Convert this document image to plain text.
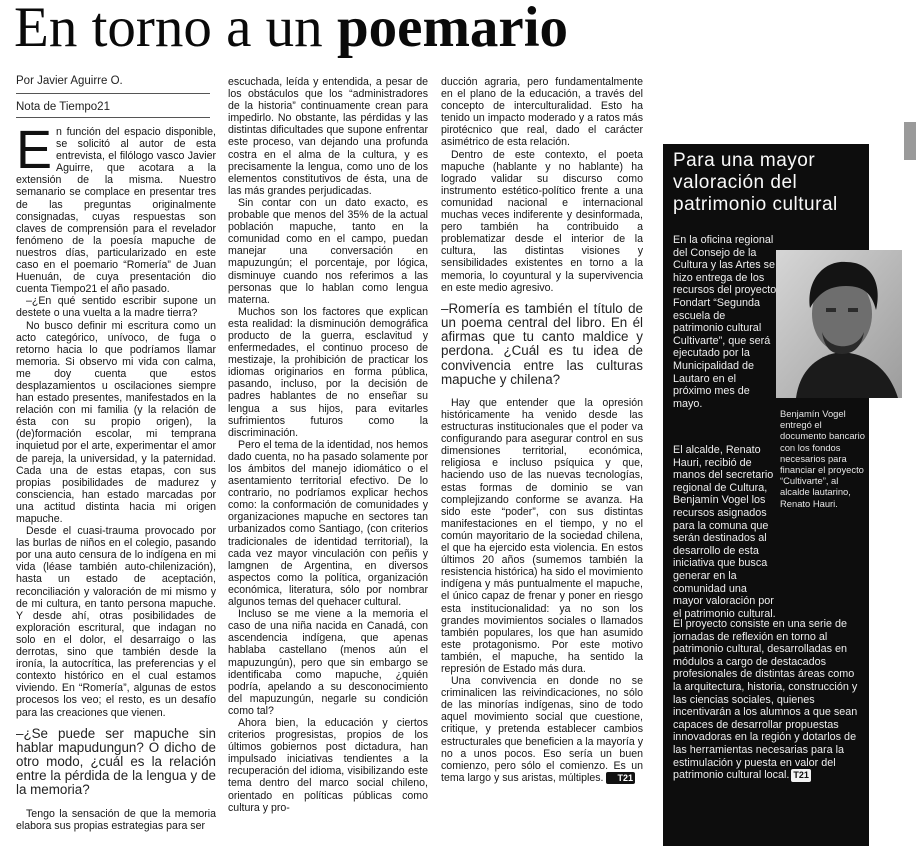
En torno a un poemario
Por Javier Aguirre O.
Nota de Tiempo21

En función del espacio disponible, se solicitó al autor de esta entrevista, el filólogo vasco Javier Aguirre, que acotara a la extensión de la misma. Nuestro semanario se complace en presentar tres de las preguntas originalmente consignadas, cuyas respuestas son claves de comprensión para el revelador fenómeno de la poesía mapuche de nuestros días, particularizado en este caso en el poemario “Romería” de Juan Huenuán, de cuya presentación dio cuenta Tiempo21 el año pasado.

–¿En qué sentido escribir supone un destete o una vuelta a la madre tierra?

No busco definir mi escritura como un acto categórico, unívoco, de fuga o retorno hacia lo que podríamos llamar memoria. Si observo mi vida con calma, me doy cuenta que estos desplazamientos u oscilaciones siempre han estado presentes, manifestados en la relación con mi familia (y la relación de ésta con su propio origen), la (de)formación escolar, mi temprana inquietud por el arte, experimentar el amor de pareja, la universidad, y la paternidad. Cada una de estas etapas, con sus propias posibilidades de madurez y consciencia, han estado marcadas por una actitud distinta hacia mi origen mapuche.

Desde el cuasi-trauma provocado por las burlas de niños en el colegio, pasando por una auto censura de lo indígena en mi vida (léase también auto-chilenización), hasta un estado de aceptación, reconciliación y valoración de mi mismo y de mi cultura, en tanto persona mapuche. Y desde ahí, otras posibilidades de exploración escritural, que indagan no solo en el dolor, el desarraigo o las derrotas, sino que también desde la ironía, la autocrítica, las preferencias y el contexto histórico en el cual estamos viviendo. En “Romería”, algunas de estos procesos los veo; el resto, es un desafío para las creaciones que vienen.

–¿Se puede ser mapuche sin hablar mapudungun? O dicho de otro modo, ¿cuál es la relación entre la pérdida de la lengua y de la memoria?

Tengo la sensación de que la memoria elabora sus propias estrategias para ser

escuchada, leída y entendida, a pesar de los obstáculos que los “administradores de la historia” continuamente crean para impedirlo. No obstante, las pérdidas y las distintas dificultades que supone enfrentar este proceso, van dejando una profunda costra en el alma de la cultura, y es precisamente la lengua, como uno de los elementos constitutivos de ésta, una de las más grandes perjudicadas.

Sin contar con un dato exacto, es probable que menos del 35% de la actual población mapuche, tanto en la comunidad como en el campo, puedan manejar una conversación en mapuzungún; el porcentaje, por lógica, disminuye cuando nos referimos a las personas que lo hablan como lengua materna.

Muchos son los factores que explican esta realidad: la disminución demográfica producto de la guerra, esclavitud y enfermedades, el continuo proceso de mestizaje, la prohibición de practicar los idiomas originarios en forma pública, pasando, incluso, por la decisión de padres hablantes de no enseñar su lengua a sus hijos, para evitarles sufrimientos futuros como la discriminación.

Pero el tema de la identidad, nos hemos dado cuenta, no ha pasado solamente por los ámbitos del manejo idiomático o el asentamiento territorial efectivo. De lo contrario, no podríamos explicar hechos como: la conformación de comunidades y organizaciones mapuche en sectores tan urbanizados como Santiago, (con criterios tradicionales de identidad territorial), la cada vez mayor vinculación con peñis y lamgnen de Argentina, en diversos aspectos como la política, organización económica, literatura, sólo por nombrar algunos temas del quehacer cultural.

Incluso se me viene a la memoria el caso de una niña nacida en Canadá, con ascendencia indígena, que apenas hablaba castellano (menos aún el mapuzungún), pero que sin embargo se identificaba como mapuche, ¿quién podría, apelando a su desconocimiento del mapuzungún, negarle su condición como tal?

Ahora bien, la educación y ciertos criterios progresistas, propios de los últimos gobiernos post dictadura, han impulsado iniciativas tendientes a la recuperación del idioma, visibilizando este tema dentro del marco social chileno, orientado en políticas públicas como cultura y pro-

ducción agraria, pero fundamentalmente en el plano de la educación, a través del concepto de interculturalidad. Esto ha tenido un impacto moderado y a ratos más pirotécnico que real, dado el carácter asimétrico de esta relación.

Dentro de este contexto, el poeta mapuche (hablante y no hablante) ha logrado validar su discurso como instrumento estético-político frente a una comunidad nacional e internacional muchas veces indiferente y desinformada, pero también ha contribuido a problematizar desde el interior de la cultura, las distintas visiones y sensibilidades existentes en torno a la memoria, lo coyuntural y la supervivencia en este medio agresivo.

–Romería es también el título de un poema central del libro. En él afirmas que tu canto maldice y perdona. ¿Cuál es tu idea de convivencia entre las culturas mapuche y chilena?

Hay que entender que la opresión históricamente ha venido desde las estructuras institucionales que el poder va configurando para asegurar control en sus dimensiones territorial, económica, religiosa e incluso psíquica y que, haciendo uso de las nuevas tecnologías, estas formas de dominio se van complejizando conforme se avanza. Ha sido este “poder”, con sus distintas manifestaciones en el tiempo, y no el común mayoritario de la sociedad chilena, el que ha ejercido esta violencia. En estos últimos 20 años (sumemos también la resistencia histórica) ha sido el movimiento indígena y más puntualmente el mapuche, el único capaz de frenar y poner en riesgo esta institucionalidad: ya no son los grandes movimientos sociales o llamados también populares, los que han asumido este protagonismo. Por este motivo también, el mapuche, ha sentido la represión de Estado más dura.

Una convivencia en donde no se criminalicen las reivindicaciones, no sólo de las minorías indígenas, sino de todo aquel movimiento social que cuestione, critique, y pretenda establecer cambios estructurales que beneficien a la mayoría y no a unos pocos. Eso sería un buen comienzo, pero sólo el comienzo. Es un tema largo y sus aristas, múltiples. T21

Para una mayor valoración del patrimonio cultural

En la oficina regional del Consejo de la Cultura y las Artes se hizo entrega de los recursos del proyecto Fondart “Segunda escuela de patrimonio cultural Cultivarte”, que será ejecutado por la Municipalidad de Lautaro en el próximo mes de mayo.

El alcalde, Renato Hauri, recibió de manos del secretario regional de Cultura, Benjamín Vogel los recursos asignados para la comuna que serán destinados al desarrollo de esta iniciativa que busca generar en la comunidad una mayor valoración por el patrimonio cultural.

El proyecto consiste en una serie de jornadas de reflexión en torno al patrimonio cultural, desarrolladas en módulos a cargo de destacados profesionales de distintas áreas como la arquitectura, historia, construcción y las ciencias sociales, quienes incentivarán a los alumnos a que sean capaces de desarrollar propuestas innovadoras en la región y dotarlos de las herramientas necesarias para la estimulación y puesta en valor del patrimonio cultural local. T21

Benjamín Vogel entregó el documento bancario con los fondos necesarios para financiar el proyecto “Cultivarte”, al alcalde lautarino, Renato Hauri.
